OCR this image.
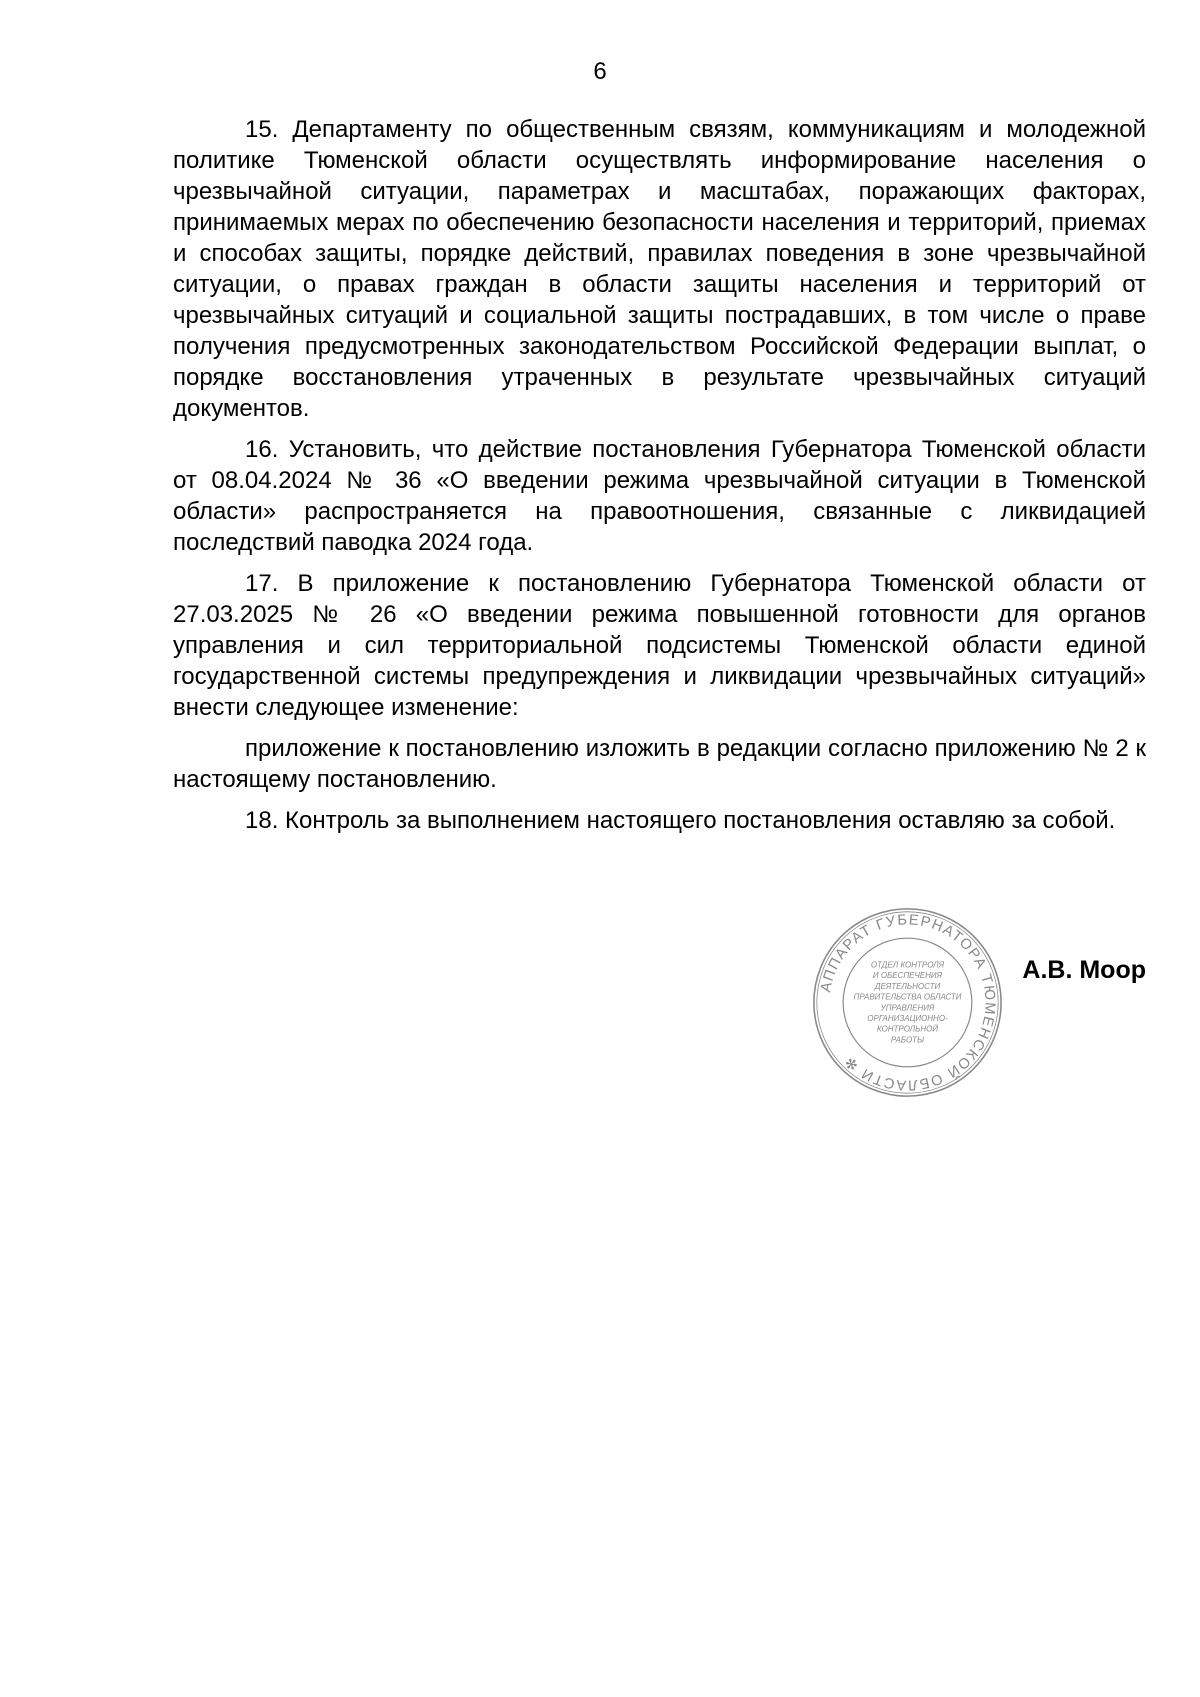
6

15. Департаменту по общественным связям, коммуникациям и молодежной политике Тюменской области осуществлять информирование населения о чрезвычайной ситуации, параметрах и масштабах, поражающих факторах, принимаемых мерах по обеспечению безопасности населения и территорий, приемах и способах защиты, порядке действий, правилах поведения в зоне чрезвычайной ситуации, о правах граждан в области защиты населения и территорий от чрезвычайных ситуаций и социальной защиты пострадавших, в том числе о праве получения предусмотренных законодательством Российской Федерации выплат, о порядке восстановления утраченных в результате чрезвычайных ситуаций документов.

16. Установить, что действие постановления Губернатора Тюменской области от 08.04.2024 № 36 «О введении режима чрезвычайной ситуации в Тюменской области» распространяется на правоотношения, связанные с ликвидацией последствий паводка 2024 года.

17. В приложение к постановлению Губернатора Тюменской области от 27.03.2025 № 26 «О введении режима повышенной готовности для органов управления и сил территориальной подсистемы Тюменской области единой государственной системы предупреждения и ликвидации чрезвычайных ситуаций» внести следующее изменение:

приложение к постановлению изложить в редакции согласно приложению № 2 к настоящему постановлению.

18. Контроль за выполнением настоящего постановления оставляю за собой.

АППАРАТ ГУБЕРНАТОРА ТЮМЕНСКОЙ ОБЛАСТИ ✻
ОТДЕЛ КОНТРОЛЯ
И ОБЕСПЕЧЕНИЯ
ДЕЯТЕЛЬНОСТИ
ПРАВИТЕЛЬСТВА ОБЛАСТИ
УПРАВЛЕНИЯ
ОРГАНИЗАЦИОННО-
КОНТРОЛЬНОЙ
РАБОТЫ
А.В. Моор
